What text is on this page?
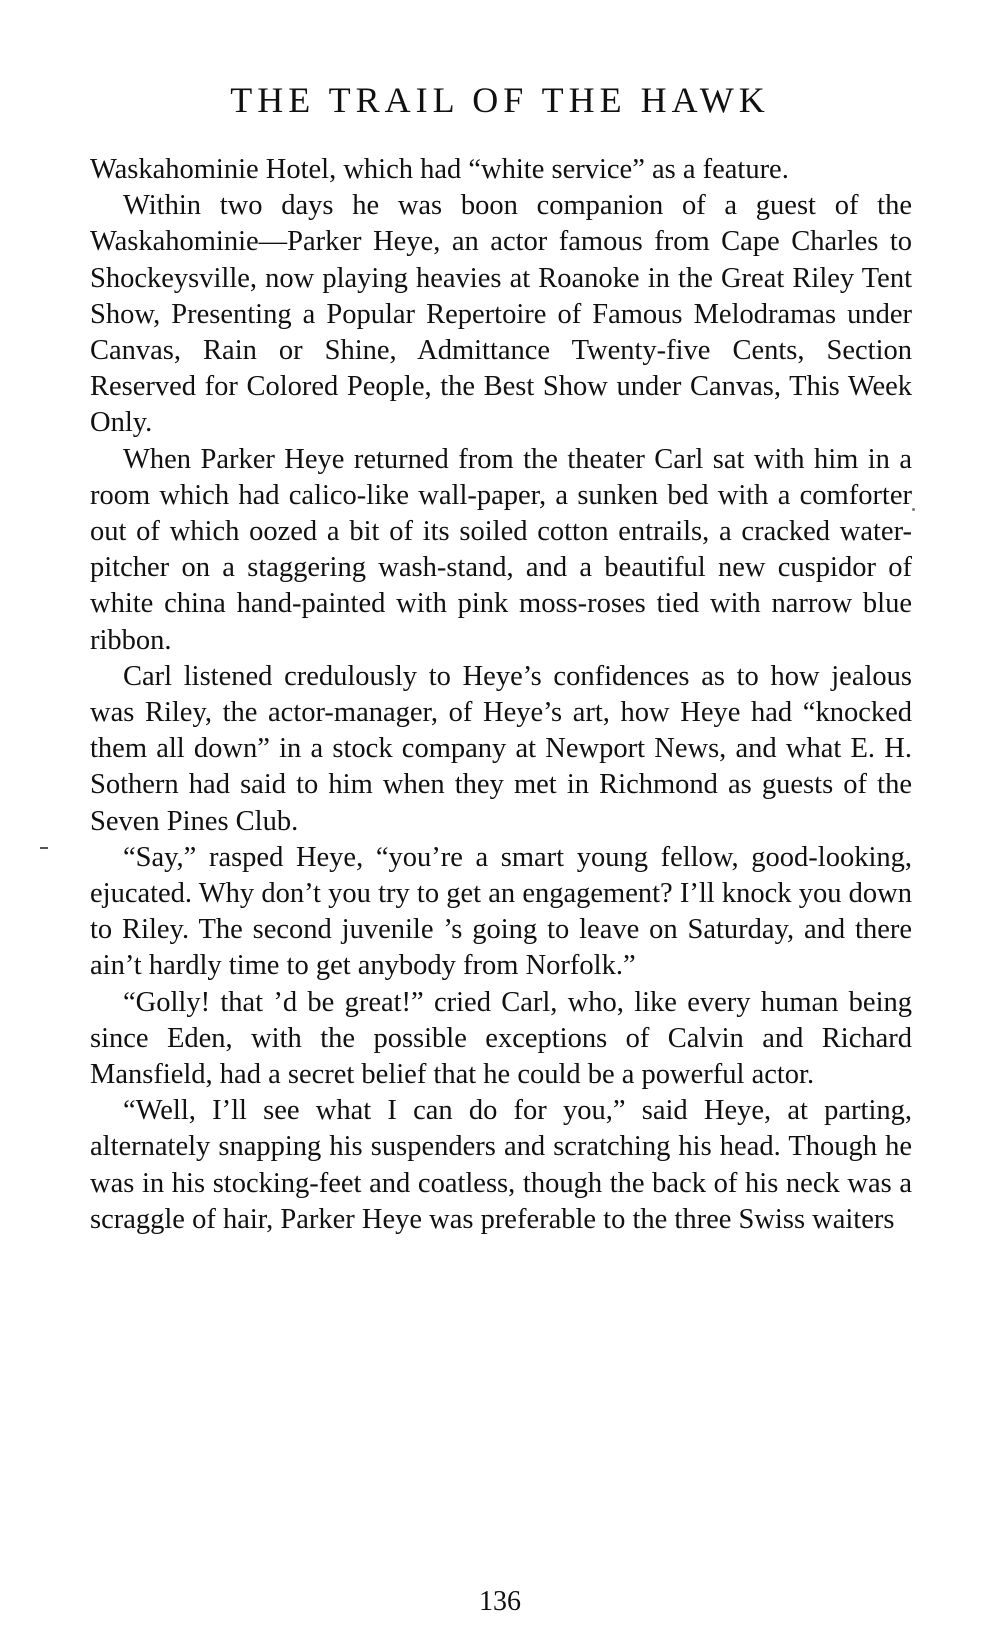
THE TRAIL OF THE HAWK

Waskahominie Hotel, which had “white service” as a feature.

Within two days he was boon companion of a guest of the Waskahominie—Parker Heye, an actor famous from Cape Charles to Shockeysville, now playing heavies at Roanoke in the Great Riley Tent Show, Presenting a Popular Repertoire of Famous Melodramas under Canvas, Rain or Shine, Admittance Twenty-five Cents, Section Reserved for Colored People, the Best Show under Canvas, This Week Only.

When Parker Heye returned from the theater Carl sat with him in a room which had calico-like wall-paper, a sunken bed with a comforter out of which oozed a bit of its soiled cotton entrails, a cracked water-pitcher on a staggering wash-stand, and a beautiful new cuspidor of white china hand-painted with pink moss-roses tied with narrow blue ribbon.

Carl listened credulously to Heye’s confidences as to how jealous was Riley, the actor-manager, of Heye’s art, how Heye had “knocked them all down” in a stock company at Newport News, and what E. H. Sothern had said to him when they met in Richmond as guests of the Seven Pines Club.

“Say,” rasped Heye, “you’re a smart young fellow, good-looking, ejucated. Why don’t you try to get an engagement? I’ll knock you down to Riley. The second juvenile ’s going to leave on Saturday, and there ain’t hardly time to get anybody from Norfolk.”

“Golly! that ’d be great!” cried Carl, who, like every human being since Eden, with the possible exceptions of Calvin and Richard Mansfield, had a secret belief that he could be a powerful actor.

“Well, I’ll see what I can do for you,” said Heye, at parting, alternately snapping his suspenders and scratching his head. Though he was in his stocking-feet and coatless, though the back of his neck was a scraggle of hair, Parker Heye was preferable to the three Swiss waiters

136
